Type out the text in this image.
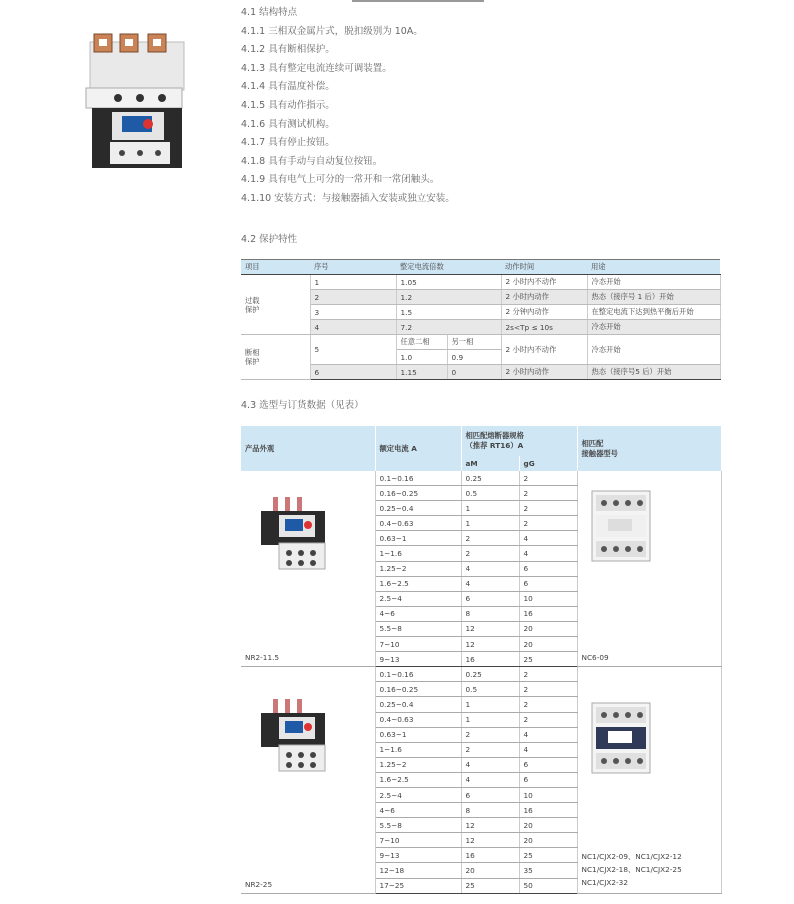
4.1 结构特点
4.1.1 三相双金属片式，脱扣级别为 10A。
4.1.2 具有断相保护。
4.1.3 具有整定电流连续可调装置。
4.1.4 具有温度补偿。
4.1.5 具有动作指示。
4.1.6 具有测试机构。
4.1.7 具有停止按钮。
4.1.8 具有手动与自动复位按钮。
4.1.9 具有电气上可分的一常开和一常闭触头。
4.1.10 安装方式：与接触器插入安装或独立安装。
4.2 保护特性
项目	序号	整定电流倍数		动作时间	用途
过载
保护	1	1.05		2 小时内不动作	冷态开始
	2	1.2		2 小时内动作	热态（接序号 1 后）开始
	3	1.5		2 分钟内动作	在整定电流下达到热平衡后开始
	4	7.2		2s<Tp ≤ 10s	冷态开始
断相
保护	5	任意二相	另一相	2 小时内不动作	冷态开始
		1.0	0.9		
	6	1.15	0	2 小时内动作	热态（接序号5 后）开始
4.3 选型与订货数据（见表）
产品外观	额定电流 A	相匹配熔断器规格
（推荐 RT16）A		相匹配
接触器型号
		aM	gG	

NR2-11.5	0.1~0.16	0.25	2	NC6-09
	0.16~0.25	0.5	2	
	0.25~0.4	1	2	
	0.4~0.63	1	2	
	0.63~1	2	4	
	1~1.6	2	4	
	1.25~2	4	6	
	1.6~2.5	4	6	
	2.5~4	6	10	
	4~6	8	16	
	5.5~8	12	20	
	7~10	12	20	
	9~13	16	25	

NR2-25	0.1~0.16	0.25	2	NC1/CJX2-09、NC1/CJX2-12
NC1/CJX2-18、NC1/CJX2-25
NC1/CJX2-32

	0.16~0.25	0.5	2	
	0.25~0.4	1	2	
	0.4~0.63	1	2	
	0.63~1	2	4	
	1~1.6	2	4	
	1.25~2	4	6	
	1.6~2.5	4	6	
	2.5~4	6	10	
	4~6	8	16	
	5.5~8	12	20	
	7~10	12	20	
	9~13	16	25	
	12~18	20	35	
	17~25	25	50	
